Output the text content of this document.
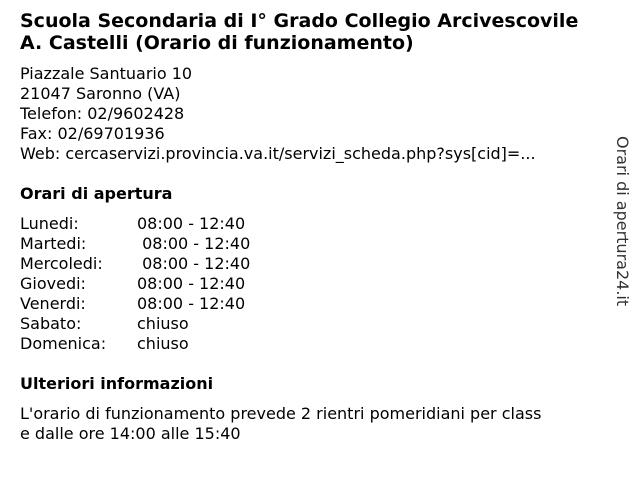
Scuola Secondaria di I° Grado Collegio Arcivescovile
A. Castelli (Orario di funzionamento)
Piazzale Santuario 10
21047 Saronno (VA)
Telefon: 02/9602428
Fax: 02/69701936
Web: cercaservizi.provincia.va.it/servizi_scheda.php?sys[cid]=...
Orari di apertura
Lunedi:	08:00 - 12:40
Martedi:	08:00 - 12:40
Mercoledi:	08:00 - 12:40
Giovedi:	08:00 - 12:40
Venerdi:	08:00 - 12:40
Sabato:	chiuso
Domenica:	chiuso
Ulteriori informazioni
L'orario di funzionamento prevede 2 rientri pomeridiani per class
e dalle ore 14:00 alle 15:40
Orari di apertura24.it
